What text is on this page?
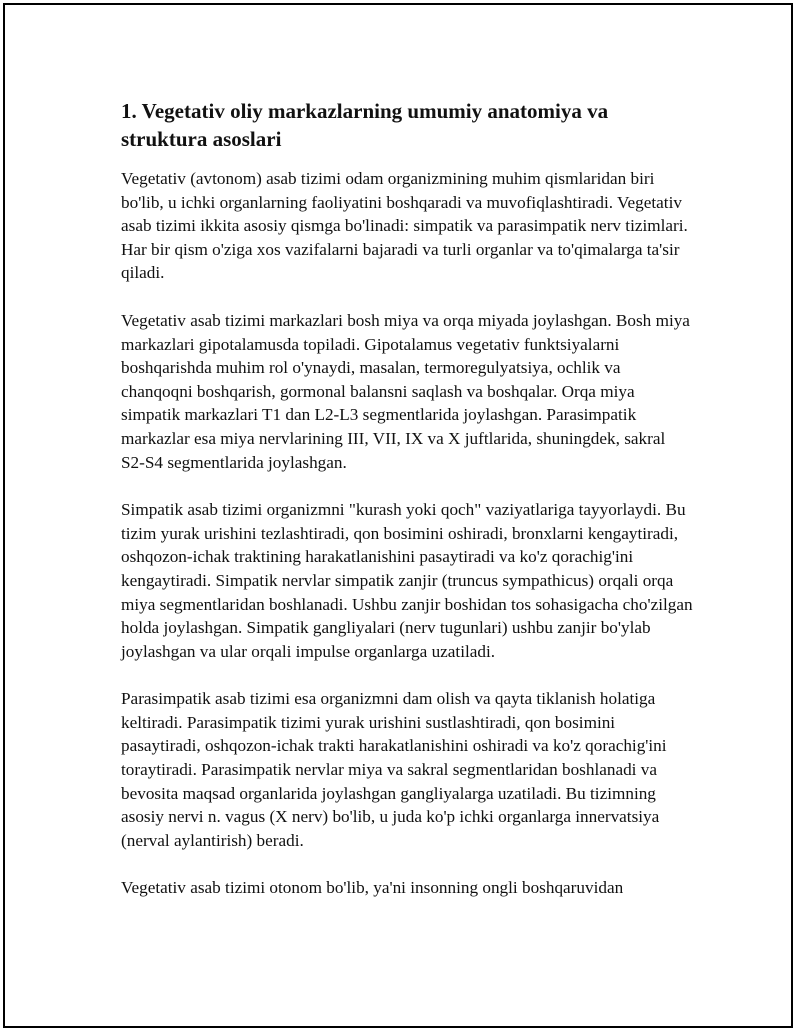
1. Vegetativ oliy markazlarning umumiy anatomiya va struktura asoslari

Vegetativ (avtonom) asab tizimi odam organizmining muhim qismlaridan biri bo'lib, u ichki organlarning faoliyatini boshqaradi va muvofiqlashtiradi. Vegetativ asab tizimi ikkita asosiy qismga bo'linadi: simpatik va parasimpatik nerv tizimlari. Har bir qism o'ziga xos vazifalarni bajaradi va turli organlar va to'qimalarga ta'sir qiladi.

Vegetativ asab tizimi markazlari bosh miya va orqa miyada joylashgan. Bosh miya markazlari gipotalamusda topiladi. Gipotalamus vegetativ funktsiyalarni boshqarishda muhim rol o'ynaydi, masalan, termoregulyatsiya, ochlik va chanqoqni boshqarish, gormonal balansni saqlash va boshqalar. Orqa miya simpatik markazlari T1 dan L2-L3 segmentlarida joylashgan. Parasimpatik markazlar esa miya nervlarining III, VII, IX va X juftlarida, shuningdek, sakral S2-S4 segmentlarida joylashgan.

Simpatik asab tizimi organizmni "kurash yoki qoch" vaziyatlariga tayyorlaydi. Bu tizim yurak urishini tezlashtiradi, qon bosimini oshiradi, bronxlarni kengaytiradi, oshqozon-ichak traktining harakatlanishini pasaytiradi va ko'z qorachig'ini kengaytiradi. Simpatik nervlar simpatik zanjir (truncus sympathicus) orqali orqa miya segmentlaridan boshlanadi. Ushbu zanjir boshidan tos sohasigacha cho'zilgan holda joylashgan. Simpatik gangliyalari (nerv tugunlari) ushbu zanjir bo'ylab joylashgan va ular orqali impulse organlarga uzatiladi.

Parasimpatik asab tizimi esa organizmni dam olish va qayta tiklanish holatiga keltiradi. Parasimpatik tizimi yurak urishini sustlashtiradi, qon bosimini pasaytiradi, oshqozon-ichak trakti harakatlanishini oshiradi va ko'z qorachig'ini toraytiradi. Parasimpatik nervlar miya va sakral segmentlaridan boshlanadi va bevosita maqsad organlarida joylashgan gangliyalarga uzatiladi. Bu tizimning asosiy nervi n. vagus (X nerv) bo'lib, u juda ko'p ichki organlarga innervatsiya (nerval aylantirish) beradi.

Vegetativ asab tizimi otonom bo'lib, ya'ni insonning ongli boshqaruvidan
